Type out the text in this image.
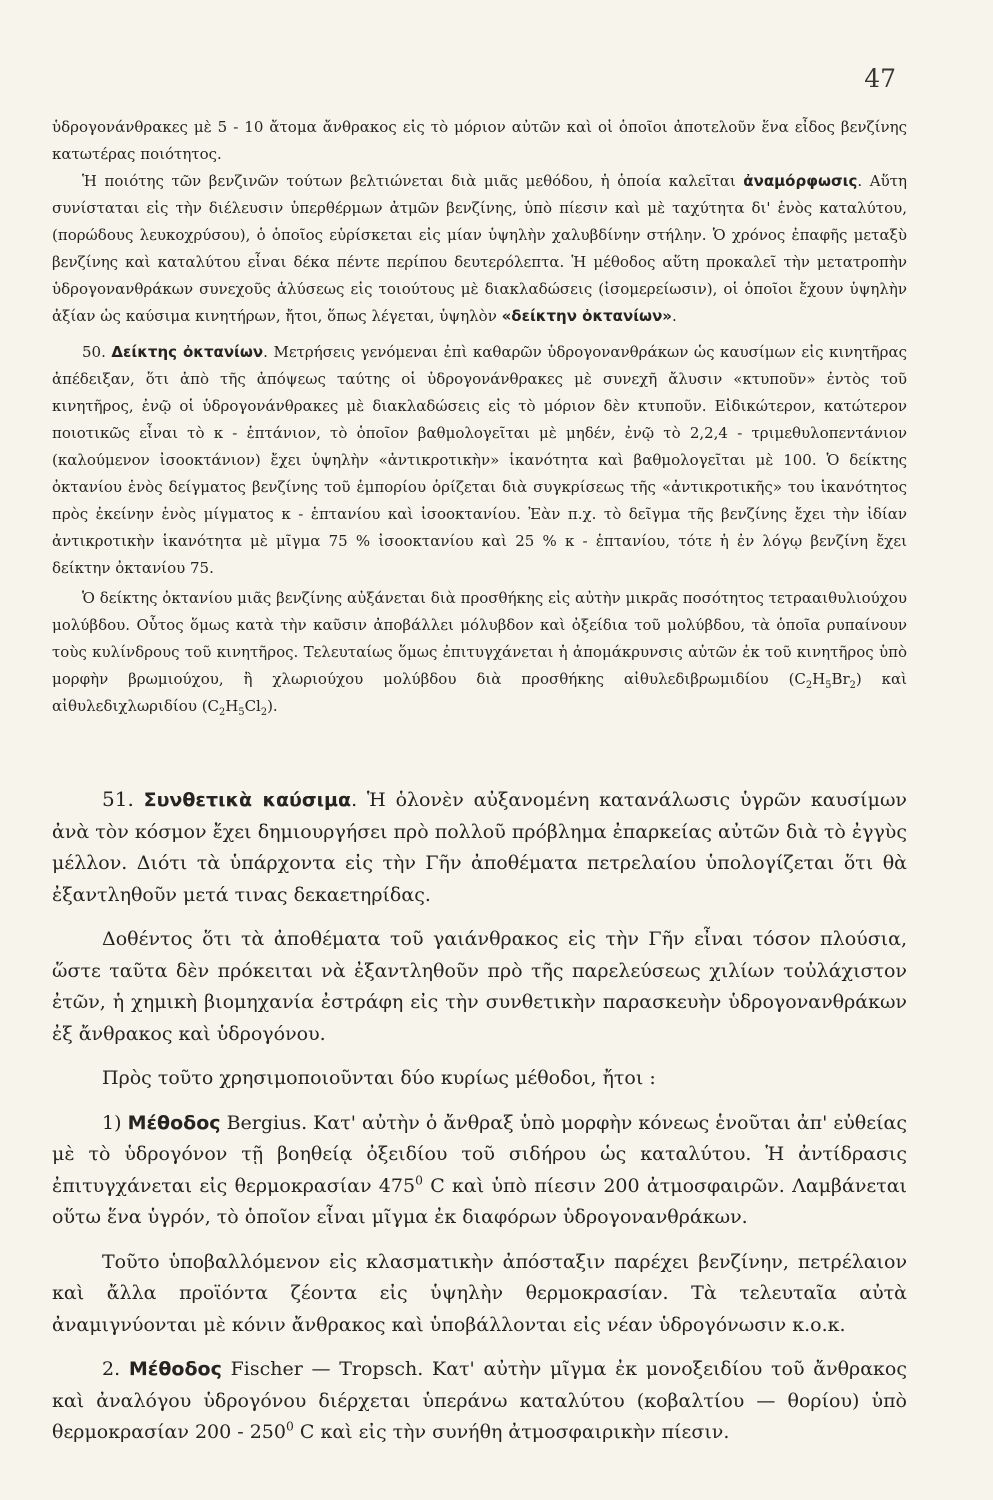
47

ὑδρογονάνθρακες μὲ 5 - 10 ἄτομα ἄνθρακος εἰς τὸ μόριον αὐτῶν καὶ οἱ ὁποῖοι ἀποτελοῦν ἕνα εἶδος βενζίνης κατωτέρας ποιότητος.

Ἡ ποιότης τῶν βενζινῶν τούτων βελτιώνεται διὰ μιᾶς μεθόδου, ἡ ὁποία καλεῖται ἀναμόρφωσις. Αὕτη συνίσταται εἰς τὴν διέλευσιν ὑπερθέρμων ἀτμῶν βενζίνης, ὑπὸ πίεσιν καὶ μὲ ταχύτητα δι' ἑνὸς καταλύτου, (πορώδους λευκοχρύσου), ὁ ὁποῖος εὑρίσκεται εἰς μίαν ὑψηλὴν χαλυβδίνην στήλην. Ὁ χρόνος ἐπαφῆς μεταξὺ βενζίνης καὶ καταλύτου εἶναι δέκα πέντε περίπου δευτερόλεπτα. Ἡ μέθοδος αὕτη προκαλεῖ τὴν μετατροπὴν ὑδρογονανθράκων συνεχοῦς ἁλύσεως εἰς τοιούτους μὲ διακλαδώσεις (ἰσομερείωσιν), οἱ ὁποῖοι ἔχουν ὑψηλὴν ἀξίαν ὡς καύσιμα κινητήρων, ἤτοι, ὅπως λέγεται, ὑψηλὸν «δείκτην ὀκτανίων».

50. Δείκτης ὀκτανίων. Μετρήσεις γενόμεναι ἐπὶ καθαρῶν ὑδρογονανθράκων ὡς καυσίμων εἰς κινητῆρας ἀπέδειξαν, ὅτι ἀπὸ τῆς ἀπόψεως ταύτης οἱ ὑδρογονάνθρακες μὲ συνεχῆ ἄλυσιν «κτυποῦν» ἐντὸς τοῦ κινητῆρος, ἐνῷ οἱ ὑδρογονάνθρακες μὲ διακλαδώσεις εἰς τὸ μόριον δὲν κτυποῦν. Εἰδικώτερον, κατώτερον ποιοτικῶς εἶναι τὸ κ - ἑπτάνιον, τὸ ὁποῖον βαθμολογεῖται μὲ μηδέν, ἐνῷ τὸ 2,2,4 - τριμεθυλοπεντάνιον (καλούμενον ἰσοοκτάνιον) ἔχει ὑψηλὴν «ἀντικροτικὴν» ἱκανότητα καὶ βαθμολογεῖται μὲ 100. Ὁ δείκτης ὀκτανίου ἑνὸς δείγματος βενζίνης τοῦ ἐμπορίου ὁρίζεται διὰ συγκρίσεως τῆς «ἀντικροτικῆς» του ἱκανότητος πρὸς ἐκείνην ἑνὸς μίγματος κ - ἑπτανίου καὶ ἰσοοκτανίου. Ἐὰν π.χ. τὸ δεῖγμα τῆς βενζίνης ἔχει τὴν ἰδίαν ἀντικροτικὴν ἱκανότητα μὲ μῖγμα 75 % ἰσοοκτανίου καὶ 25 % κ - ἑπτανίου, τότε ἡ ἐν λόγῳ βενζίνη ἔχει δείκτην ὀκτανίου 75.

Ὁ δείκτης ὀκτανίου μιᾶς βενζίνης αὐξάνεται διὰ προσθήκης εἰς αὐτὴν μικρᾶς ποσότητος τετρααιθυλιούχου μολύβδου. Οὗτος ὅμως κατὰ τὴν καῦσιν ἀποβάλλει μόλυβδον καὶ ὀξείδια τοῦ μολύβδου, τὰ ὁποῖα ρυπαίνουν τοὺς κυλίνδρους τοῦ κινητῆρος. Τελευταίως ὅμως ἐπιτυγχάνεται ἡ ἀπομάκρυνσις αὐτῶν ἐκ τοῦ κινητῆρος ὑπὸ μορφὴν βρωμιούχου, ἢ χλωριούχου μολύβδου διὰ προσθήκης αἰθυλεδιβρωμιδίου $(C_2H_5Br_2)$ καὶ αἰθυλεδιχλωριδίου $(C_2H_5Cl_2)$.

51. Συνθετικὰ καύσιμα. Ἡ ὁλονὲν αὐξανομένη κατανάλωσις ὑγρῶν καυσίμων ἀνὰ τὸν κόσμον ἔχει δημιουργήσει πρὸ πολλοῦ πρόβλημα ἐπαρκείας αὐτῶν διὰ τὸ ἐγγὺς μέλλον. Διότι τὰ ὑπάρχοντα εἰς τὴν Γῆν ἀποθέματα πετρελαίου ὑπολογίζεται ὅτι θὰ ἐξαντληθοῦν μετά τινας δεκαετηρίδας.

Δοθέντος ὅτι τὰ ἀποθέματα τοῦ γαιάνθρακος εἰς τὴν Γῆν εἶναι τόσον πλούσια, ὥστε ταῦτα δὲν πρόκειται νὰ ἐξαντληθοῦν πρὸ τῆς παρελεύσεως χιλίων τοὐλάχιστον ἐτῶν, ἡ χημικὴ βιομηχανία ἐστράφη εἰς τὴν συνθετικὴν παρασκευὴν ὑδρογονανθράκων ἐξ ἄνθρακος καὶ ὑδρογόνου.

Πρὸς τοῦτο χρησιμοποιοῦνται δύο κυρίως μέθοδοι, ἤτοι :

1) Μέθοδος Bergius. Κατ' αὐτὴν ὁ ἄνθραξ ὑπὸ μορφὴν κόνεως ἑνοῦται ἀπ' εὐθείας μὲ τὸ ὑδρογόνον τῇ βοηθείᾳ ὀξειδίου τοῦ σιδήρου ὡς καταλύτου. Ἡ ἀντίδρασις ἐπιτυγχάνεται εἰς θερμοκρασίαν $475^0$ C καὶ ὑπὸ πίεσιν 200 ἀτμοσφαιρῶν. Λαμβάνεται οὕτω ἕνα ὑγρόν, τὸ ὁποῖον εἶναι μῖγμα ἐκ διαφόρων ὑδρογονανθράκων.

Τοῦτο ὑποβαλλόμενον εἰς κλασματικὴν ἀπόσταξιν παρέχει βενζίνην, πετρέλαιον καὶ ἄλλα προϊόντα ζέοντα εἰς ὑψηλὴν θερμοκρασίαν. Τὰ τελευταῖα αὐτὰ ἀναμιγνύονται μὲ κόνιν ἄνθρακος καὶ ὑποβάλλονται εἰς νέαν ὑδρογόνωσιν κ.ο.κ.

2. Μέθοδος Fischer — Tropsch. Κατ' αὐτὴν μῖγμα ἐκ μονοξειδίου τοῦ ἄνθρακος καὶ ἀναλόγου ὑδρογόνου διέρχεται ὑπεράνω καταλύτου (κοβαλτίου — θορίου) ὑπὸ θερμοκρασίαν $200 - 250^0$ C καὶ εἰς τὴν συνήθη ἀτμοσφαιρικὴν πίεσιν.
